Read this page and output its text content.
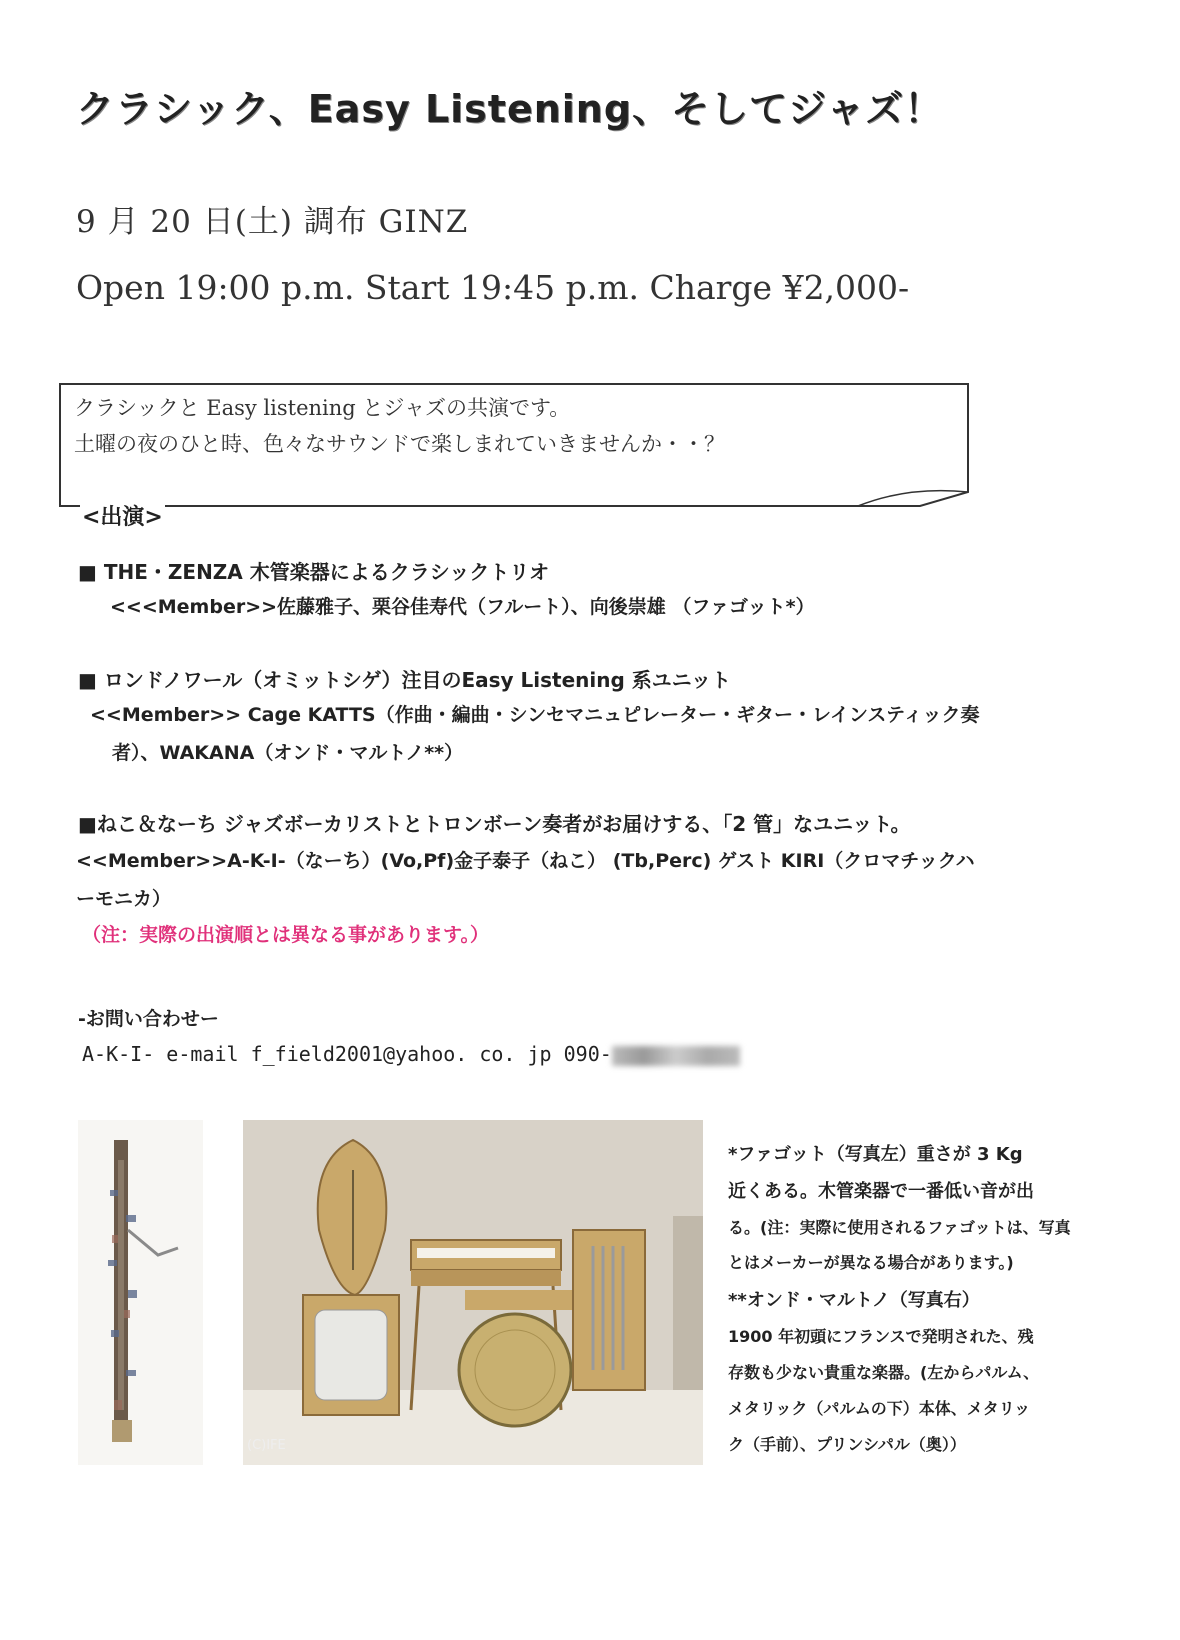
クラシック、Easy Listening、そしてジャズ！
9 月 20 日(土) 調布 GINZ
Open 19:00 p.m. Start 19:45 p.m. Charge ¥2,000-
クラシックと Easy listening とジャズの共演です。
土曜の夜のひと時、色々なサウンドで楽しまれていきませんか・・？
<出演>
■ THE・ZENZA 木管楽器によるクラシックトリオ
<<<Member>>佐藤雅子、栗谷佳寿代（フルート）、向後崇雄 （ファゴット*）
■ ロンドノワール（オミットシゲ）注目のEasy Listening 系ユニット
<<Member>> Cage KATTS（作曲・編曲・シンセマニュピレーター・ギター・レインスティック奏
者）、WAKANA（オンド・マルトノ**）
■ねこ＆なーち ジャズボーカリストとトロンボーン奏者がお届けする、「2 管」なユニット。
<<Member>>A-K-I-（なーち）(Vo,Pf)金子泰子（ねこ） (Tb,Perc) ゲスト KIRI（クロマチックハ
ーモニカ）
（注：実際の出演順とは異なる事があります。）
-お問い合わせー
A-K-I- e-mail f_field2001@yahoo. co. jp 090-
(C)IFE
*ファゴット（写真左）重さが 3 Kg
近くある。木管楽器で一番低い音が出
る。(注：実際に使用されるファゴットは、写真
とはメーカーが異なる場合があります。)
**オンド・マルトノ（写真右）
1900 年初頭にフランスで発明された、残
存数も少ない貴重な楽器。(左からパルム、
メタリック（パルムの下）本体、メタリッ
ク（手前）、プリンシパル（奥））
